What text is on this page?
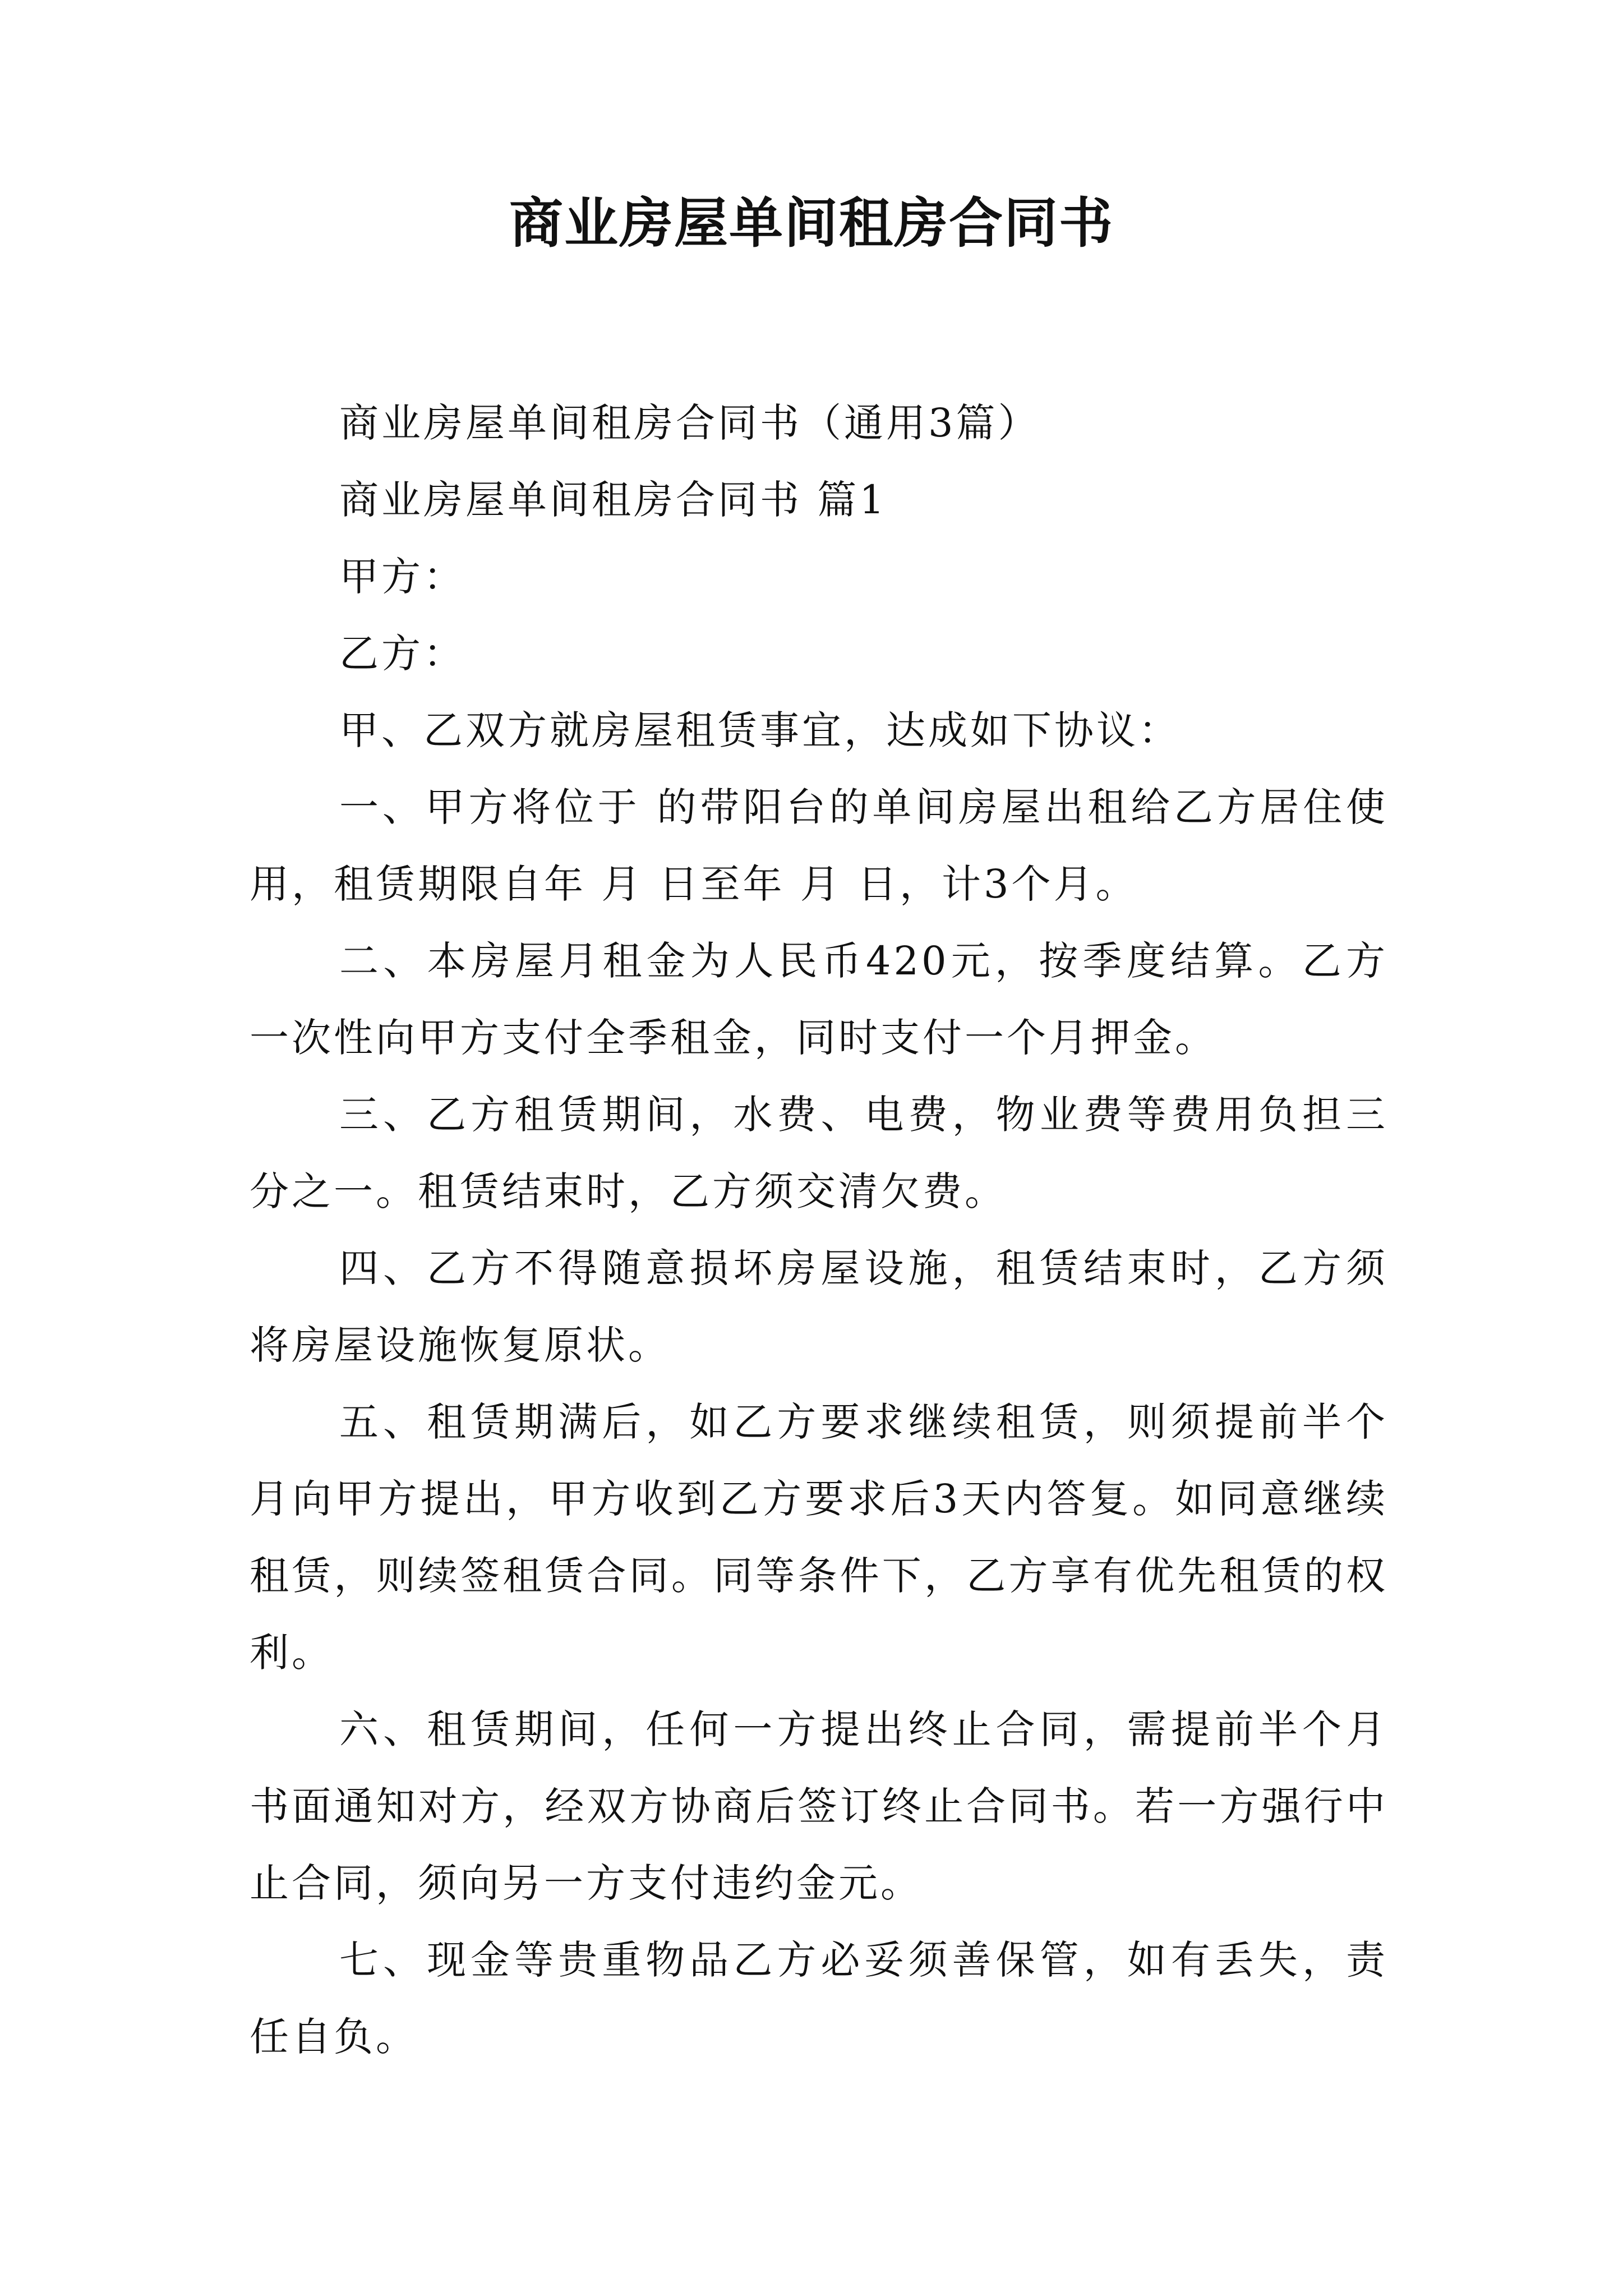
商业房屋单间租房合同书

商业房屋单间租房合同书（通用3篇）

商业房屋单间租房合同书 篇1

甲方：

乙方：

甲、乙双方就房屋租赁事宜，达成如下协议：

一、甲方将位于 的带阳台的单间房屋出租给乙方居住使用，租赁期限自年 月 日至年 月 日，计3个月。

二、本房屋月租金为人民币420元，按季度结算。乙方一次性向甲方支付全季租金，同时支付一个月押金。

三、乙方租赁期间，水费、电费，物业费等费用负担三分之一。租赁结束时，乙方须交清欠费。

四、乙方不得随意损坏房屋设施，租赁结束时，乙方须将房屋设施恢复原状。

五、租赁期满后，如乙方要求继续租赁，则须提前半个月向甲方提出，甲方收到乙方要求后3天内答复。如同意继续租赁，则续签租赁合同。同等条件下，乙方享有优先租赁的权利。

六、租赁期间，任何一方提出终止合同，需提前半个月书面通知对方，经双方协商后签订终止合同书。若一方强行中止合同，须向另一方支付违约金元。

七、现金等贵重物品乙方必妥须善保管，如有丢失，责任自负。
